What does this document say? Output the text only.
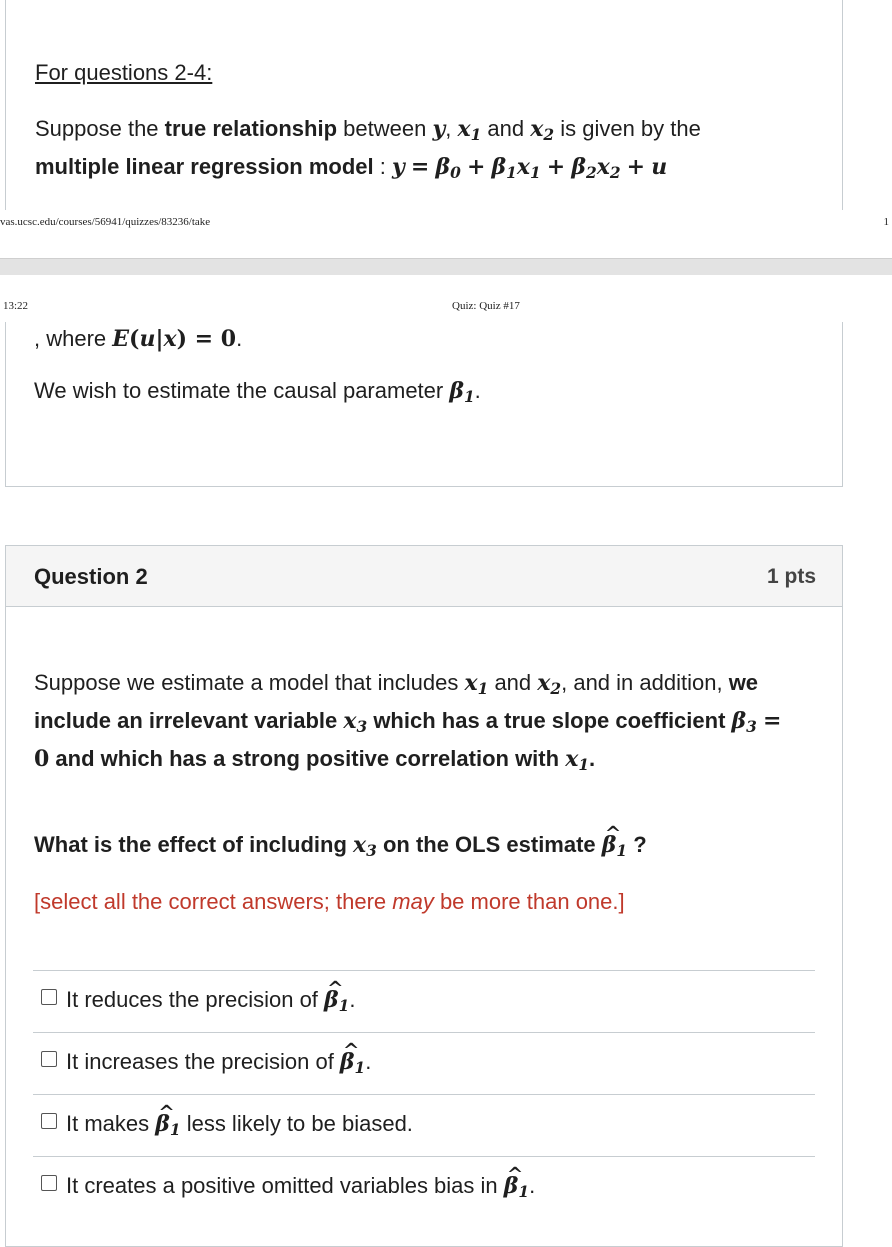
For questions 2-4:
Suppose the true relationship between y, $x_1$ and $x_2$ is given by the
multiple linear regression model : $y = \beta_0 + \beta_1x_1 + \beta_2x_2 + u$
vas.ucsc.edu/courses/56941/quizzes/83236/take	1
13:22	Quiz: Quiz #17
, where E(u|x) = 0.
We wish to estimate the causal parameter $\beta_1$.
Question 2	1 pts
Suppose we estimate a model that includes $x_1$ and $x_2$, and in addition, we include an irrelevant variable $x_3$ which has a true slope coefficient $\beta_3 = 0$ and which has a strong positive correlation with $x_1$.
What is the effect of including $x_3$ on the OLS estimate ^ $\beta_1$ ?
[select all the correct answers; there may be more than one.]
It reduces the precision of ^ $\beta_1$.
It increases the precision of ^ $\beta_1$.
It makes ^ $\beta_1$ less likely to be biased.
It creates a positive omitted variables bias in ^ $\beta_1$.
